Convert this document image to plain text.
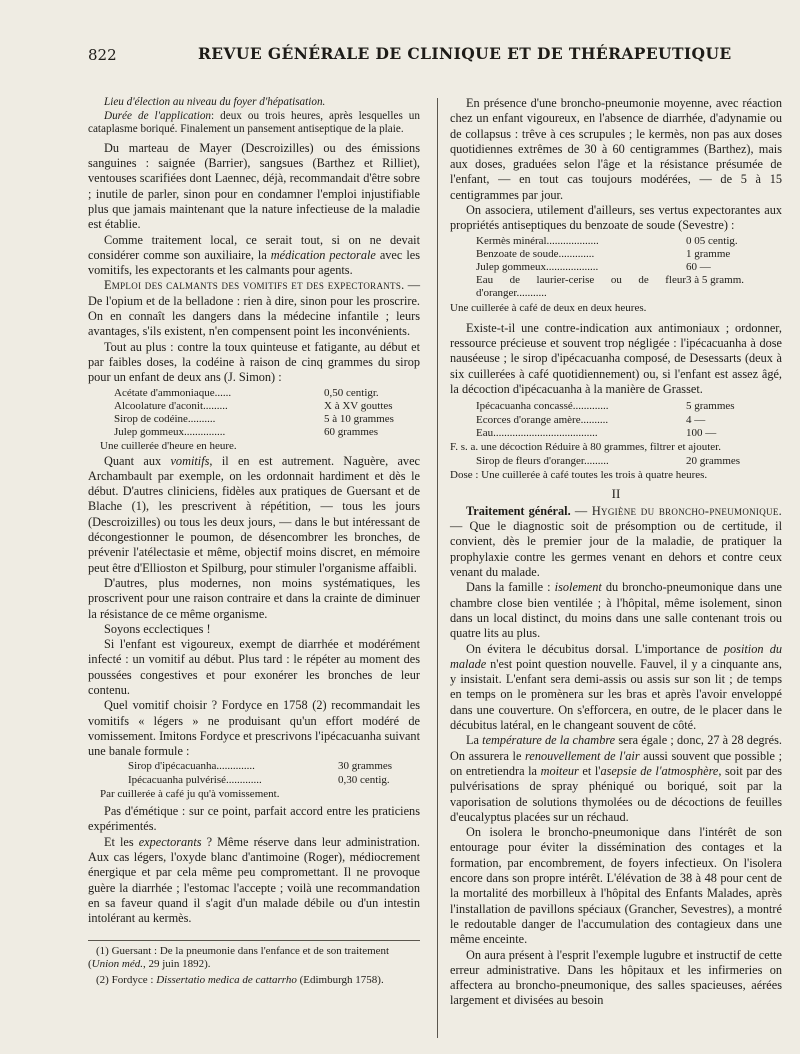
822	REVUE GÉNÉRALE DE CLINIQUE ET DE THÉRAPEUTIQUE

Lieu d'élection au niveau du foyer d'hépatisation.

Durée de l'application: deux ou trois heures, après lesquelles un cataplasme boriqué. Finalement un pansement antiseptique de la plaie.

Du marteau de Mayer (Descroizilles) ou des émissions sanguines : saignée (Barrier), sangsues (Barthez et Rilliet), ventouses scarifiées dont Laennec, déjà, recommandait d'être sobre ; inutile de parler, sinon pour en condamner l'emploi injustifiable plus que jamais maintenant que la nature infectieuse de la maladie est établie.

Comme traitement local, ce serait tout, si on ne devait considérer comme son auxiliaire, la médication pectorale avec les vomitifs, les expectorants et les calmants pour agents.

Emploi des calmants des vomitifs et des expectorants. — De l'opium et de la belladone : rien à dire, sinon pour les proscrire. On en connaît les dangers dans la médecine infantile ; leurs avantages, s'ils existent, n'en compensent point les inconvénients.

Tout au plus : contre la toux quinteuse et fatigante, au début et par faibles doses, la codéine à raison de cinq grammes du sirop pour un enfant de deux ans (J. Simon) :

Acétate d'ammoniaque......	0,50 centigr.
Alcoolature d'aconit.........	X à XV gouttes
Sirop de codéine..........	5 à 10 grammes
Julep gommeux...............	60 grammes

Une cuillerée d'heure en heure.

Quant aux vomitifs, il en est autrement. Naguère, avec Archambault par exemple, on les ordonnait hardiment et dès le début. D'autres cliniciens, fidèles aux pratiques de Guersant et de Blache (1), les prescrivent à répétition, — tous les jours (Descroizilles) ou tous les deux jours, — dans le but intéressant de décongestionner le poumon, de désencombrer les bronches, de prévenir l'atélectasie et même, objectif moins discret, en mémoire peut être d'Ellioston et Spilburg, pour stimuler l'organisme affaibli.

D'autres, plus modernes, non moins systématiques, les proscrivent pour une raison contraire et dans la crainte de diminuer la résistance de ce même organisme.

Soyons ecclectiques !

Si l'enfant est vigoureux, exempt de diarrhée et modérément infecté : un vomitif au début. Plus tard : le répéter au moment des poussées congestives et pour exonérer les bronches de leur contenu.

Quel vomitif choisir ? Fordyce en 1758 (2) recommandait les vomitifs « légers » ne produisant qu'un effort modéré de vomissement. Imitons Fordyce et prescrivons l'ipécacuanha suivant une banale formule :

Sirop d'ipécacuanha..............	30 grammes
Ipécacuanha pulvérisé.............	0,30 centig.

Par cuillerée à café ju qu'à vomissement.

Pas d'émétique : sur ce point, parfait accord entre les praticiens expérimentés.

Et les expectorants ? Même réserve dans leur administration. Aux cas légers, l'oxyde blanc d'antimoine (Roger), médiocrement énergique et par cela même peu compromettant. Il ne provoque guère la diarrhée ; l'estomac l'accepte ; voilà une recommandation en sa faveur quand il s'agit d'un malade débile ou d'un intestin intolérant au kermès.

(1) Guersant : De la pneumonie dans l'enfance et de son traitement (Union méd., 29 juin 1892).

(2) Fordyce : Dissertatio medica de cattarrho (Edimburgh 1758).

En présence d'une broncho-pneumonie moyenne, avec réaction chez un enfant vigoureux, en l'absence de diarrhée, d'adynamie ou de collapsus : trêve à ces scrupules ; le kermès, non pas aux doses quotidiennes extrêmes de 30 à 60 centigrammes (Barthez), mais aux doses, graduées selon l'âge et la résistance présumée de l'enfant, — en tout cas toujours modérées, — de 5 à 15 centigrammes par jour.

On associera, utilement d'ailleurs, ses vertus expectorantes aux propriétés antiseptiques du benzoate de soude (Sevestre) :

Kermès minéral...................	0 05 centig.
Benzoate de soude.............	1 gramme
Julep gommeux...................	60 —
Eau de laurier-cerise ou de fleur d'oranger...........	3 à 5 gramm.

Une cuillerée à café de deux en deux heures.

Existe-t-il une contre-indication aux antimoniaux ; ordonner, ressource précieuse et souvent trop négligée : l'ipécacuanha à dose nauséeuse ; le sirop d'ipécacuanha composé, de Desessarts (deux à six cuillerées à café quotidiennement) ou, si l'enfant est assez âgé, la décoction d'ipécacuanha à la manière de Grasset.

Ipécacuanha concassé.............	5 grammes
Ecorces d'orange amère..........	4 —
Eau......................................	100 —

F. s. a. une décoction Réduire à 80 grammes, filtrer et ajouter.

Sirop de fleurs d'oranger.........	20 grammes

Dose : Une cuillerée à café toutes les trois à quatre heures.

II

Traitement général. — Hygiène du broncho-pneumonique. — Que le diagnostic soit de présomption ou de certitude, il convient, dès le premier jour de la maladie, de pratiquer la prophylaxie contre les germes venant en dehors et contre ceux venant du malade.

Dans la famille : isolement du broncho-pneumonique dans une chambre close bien ventilée ; à l'hôpital, même isolement, sinon dans un local distinct, du moins dans une salle contenant trois ou quatre lits au plus.

On évitera le décubitus dorsal. L'importance de position du malade n'est point question nouvelle. Fauvel, il y a cinquante ans, y insistait. L'enfant sera demi-assis ou assis sur son lit ; de temps en temps on le promènera sur les bras et après l'avoir enveloppé dans une couverture. On s'efforcera, en outre, de le placer dans le décubitus latéral, en le changeant souvent de côté.

La température de la chambre sera égale ; donc, 27 à 28 degrés. On assurera le renouvellement de l'air aussi souvent que possible ; on entretiendra la moiteur et l'asepsie de l'atmosphère, soit par des pulvérisations de spray phéniqué ou boriqué, soit par la vaporisation de solutions thymolées ou de décoctions de feuilles d'eucalyptus placées sur un réchaud.

On isolera le broncho-pneumonique dans l'intérêt de son entourage pour éviter la dissémination des contages et la formation, par encombrement, de foyers infectieux. On l'isolera encore dans son propre intérêt. L'élévation de 38 à 48 pour cent de la mortalité des morbilleux à l'hôpital des Enfants Malades, après l'installation de pavillons spéciaux (Grancher, Sevestres), a montré le redoutable danger de l'accumulation des contagieux dans une même enceinte.

On aura présent à l'esprit l'exemple lugubre et instructif de cette erreur administrative. Dans les hôpitaux et les infirmeries on affectera au broncho-pneumonique, des salles spacieuses, aérées largement et divisées au besoin
